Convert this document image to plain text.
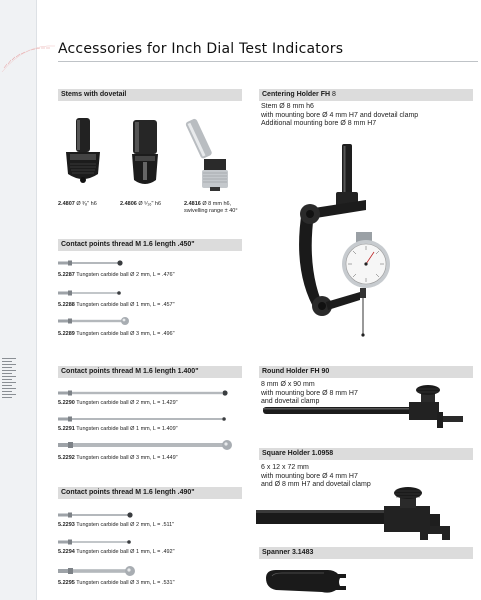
Accessories for Inch Dial Test Indicators
Stems with dovetail
2.4807 Ø ³⁄₈" h6	2.4806 Ø ⁵⁄₁₆" h6	2.4816 Ø 8 mm h6,
swivelling range ± 40°
Contact points thread M 1.6 length .450"
5.2287 Tungsten carbide ball Ø 2 mm, L = .476"
5.2288 Tungsten carbide ball Ø 1 mm, L = .457"
5.2289 Tungsten carbide ball Ø 3 mm, L = .496"
Contact points thread M 1.6 length 1.400"
5.2290 Tungsten carbide ball Ø 2 mm, L = 1.429"
5.2291 Tungsten carbide ball Ø 1 mm, L = 1.409"
5.2292 Tungsten carbide ball Ø 3 mm, L = 1.449"
Contact points thread M 1.6 length .490"
5.2293 Tungsten carbide ball Ø 2 mm, L = .511"
5.2294 Tungsten carbide ball Ø 1 mm, L = .492"
5.2295 Tungsten carbide ball Ø 3 mm, L = .531"
Centering Holder FH 8
Stem Ø 8 mm h6
with mounting bore Ø 4 mm H7 and dovetail clamp
Additional mounting bore Ø 8 mm H7
Round Holder FH 90
8 mm Ø x 90 mm
with mounting bore Ø 8 mm H7
and dovetail clamp
Square Holder 1.0958
6 x 12 x 72 mm
with mounting bore Ø 4 mm H7
and Ø 8 mm H7 and dovetail clamp
Spanner 3.1483
